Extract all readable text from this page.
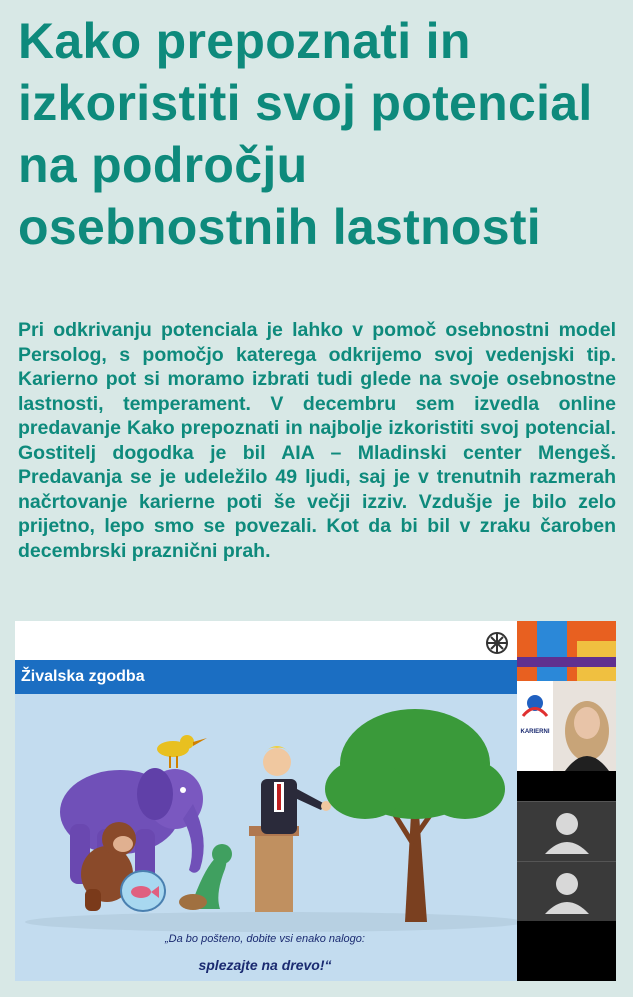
Kako prepoznati in izkoristiti svoj potencial na področju osebnostnih lastnosti

Pri odkrivanju potenciala je lahko v pomoč osebnostni model Persolog, s pomočjo katerega odkrijemo svoj vedenjski tip. Karierno pot si moramo izbrati tudi glede na svoje osebnostne lastnosti, temperament. V decembru sem izvedla online predavanje Kako prepoznati in najbolje izkoristiti svoj potencial. Gostitelj dogodka je bil AIA – Mladinski center Mengeš. Predavanja se je udeležilo 49 ljudi, saj je v trenutnih razmerah načrtovanje karierne poti še večji izziv. Vzdušje je bilo zelo prijetno, lepo smo se povezali. Kot da bi bil v zraku čaroben decembrski praznični prah.

Živalska zgodba
„Da bo pošteno, dobite vsi enako nalogo:
splezajte na drevo!“
KARIERNI
